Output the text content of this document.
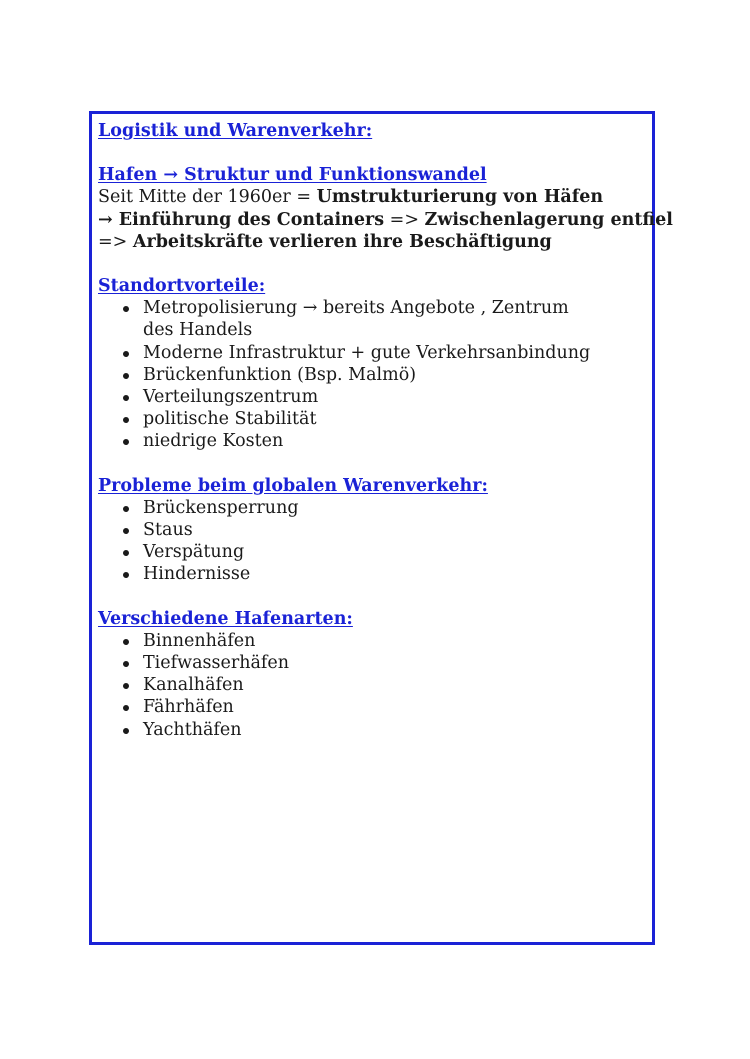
Logistik und Warenverkehr:
Hafen → Struktur und Funktionswandel
Seit Mitte der 1960er = Umstrukturierung von Häfen
→ Einführung des Containers => Zwischenlagerung entfiel
=> Arbeitskräfte verlieren ihre Beschäftigung
Standortvorteile:
Metropolisierung → bereits Angebote , Zentrum des Handels
Moderne Infrastruktur + gute Verkehrsanbindung
Brückenfunktion (Bsp. Malmö)
Verteilungszentrum
politische Stabilität
niedrige Kosten
Probleme beim globalen Warenverkehr:
Brückensperrung
Staus
Verspätung
Hindernisse
Verschiedene Hafenarten:
Binnenhäfen
Tiefwasserhäfen
Kanalhäfen
Fährhäfen
Yachthäfen
